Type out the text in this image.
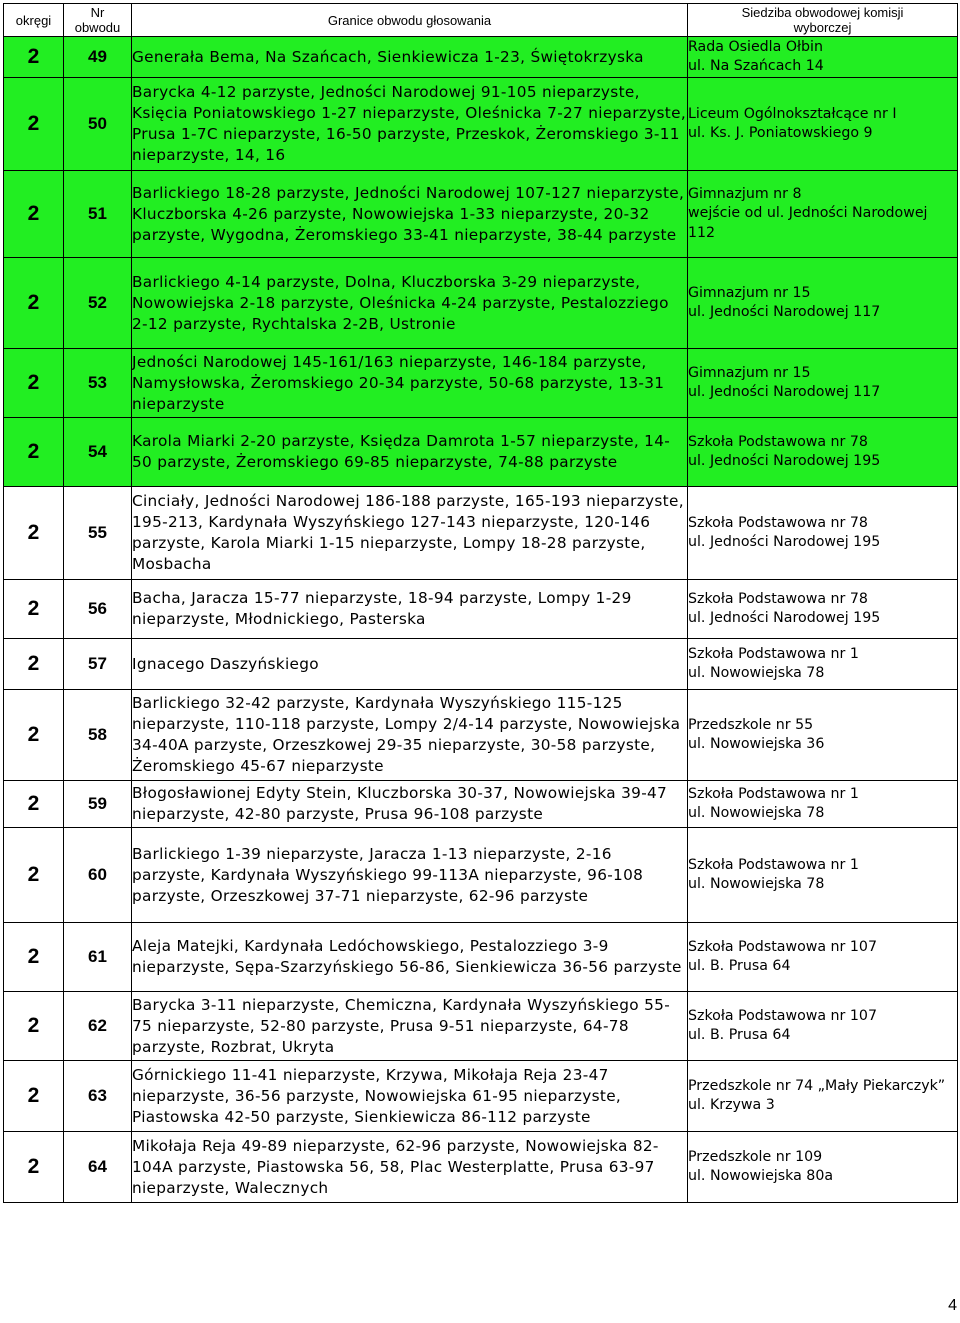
okręgi	Nr
obwodu	Granice obwodu głosowania	Siedziba obwodowej komisji
wyborczej
2	49	Generała Bema, Na Szańcach, Sienkiewicza 1-23, Świętokrzyska	Rada Osiedla Ołbin
ul. Na Szańcach 14
2	50	Barycka 4-12 parzyste, Jedności Narodowej 91-105 nieparzyste, Księcia Poniatowskiego 1-27 nieparzyste, Oleśnicka 7-27 nieparzyste, Prusa 1-7C nieparzyste, 16-50 parzyste, Przeskok, Żeromskiego 3-11 nieparzyste, 14, 16	Liceum Ogólnokształcące nr I
ul. Ks. J. Poniatowskiego 9
2	51	Barlickiego 18-28 parzyste, Jedności Narodowej 107-127 nieparzyste, Kluczborska 4-26 parzyste, Nowowiejska 1-33 nieparzyste, 20-32 parzyste, Wygodna, Żeromskiego 33-41 nieparzyste, 38-44 parzyste	Gimnazjum nr 8
wejście od ul. Jedności Narodowej 112
2	52	Barlickiego 4-14 parzyste, Dolna, Kluczborska 3-29 nieparzyste, Nowowiejska 2-18 parzyste, Oleśnicka 4-24 parzyste, Pestalozziego 2-12 parzyste, Rychtalska 2-2B, Ustronie	Gimnazjum nr 15
ul. Jedności Narodowej 117
2	53	Jedności Narodowej 145-161/163 nieparzyste, 146-184 parzyste, Namysłowska, Żeromskiego 20-34 parzyste, 50-68 parzyste, 13-31 nieparzyste	Gimnazjum nr 15
ul. Jedności Narodowej 117
2	54	Karola Miarki 2-20 parzyste, Księdza Damrota 1-57 nieparzyste, 14-50 parzyste, Żeromskiego 69-85 nieparzyste, 74-88 parzyste	Szkoła Podstawowa nr 78
ul. Jedności Narodowej 195
2	55	Cinciały, Jedności Narodowej 186-188 parzyste, 165-193 nieparzyste, 195-213, Kardynała Wyszyńskiego 127-143 nieparzyste, 120-146 parzyste, Karola Miarki 1-15 nieparzyste, Lompy 18-28 parzyste, Mosbacha	Szkoła Podstawowa nr 78
ul. Jedności Narodowej 195
2	56	Bacha, Jaracza 15-77 nieparzyste, 18-94 parzyste, Lompy 1-29 nieparzyste, Młodnickiego, Pasterska	Szkoła Podstawowa nr 78
ul. Jedności Narodowej 195
2	57	Ignacego Daszyńskiego	Szkoła Podstawowa nr 1
ul. Nowowiejska 78
2	58	Barlickiego 32-42 parzyste, Kardynała Wyszyńskiego 115-125 nieparzyste, 110-118 parzyste, Lompy 2/4-14 parzyste, Nowowiejska 34-40A parzyste, Orzeszkowej 29-35 nieparzyste, 30-58 parzyste, Żeromskiego 45-67 nieparzyste	Przedszkole nr 55
ul. Nowowiejska 36
2	59	Błogosławionej Edyty Stein, Kluczborska 30-37, Nowowiejska 39-47 nieparzyste, 42-80 parzyste, Prusa 96-108 parzyste	Szkoła Podstawowa nr 1
ul. Nowowiejska 78
2	60	Barlickiego 1-39 nieparzyste, Jaracza 1-13 nieparzyste, 2-16 parzyste, Kardynała Wyszyńskiego 99-113A nieparzyste, 96-108 parzyste, Orzeszkowej 37-71 nieparzyste, 62-96 parzyste	Szkoła Podstawowa nr 1
ul. Nowowiejska 78
2	61	Aleja Matejki, Kardynała Ledóchowskiego, Pestalozziego 3-9 nieparzyste, Sępa-Szarzyńskiego 56-86, Sienkiewicza 36-56 parzyste	Szkoła Podstawowa nr 107
ul. B. Prusa 64
2	62	Barycka 3-11 nieparzyste, Chemiczna, Kardynała Wyszyńskiego 55-75 nieparzyste, 52-80 parzyste, Prusa 9-51 nieparzyste, 64-78 parzyste, Rozbrat, Ukryta	Szkoła Podstawowa nr 107
ul. B. Prusa 64
2	63	Górnickiego 11-41 nieparzyste, Krzywa, Mikołaja Reja 23-47 nieparzyste, 36-56 parzyste, Nowowiejska 61-95 nieparzyste, Piastowska 42-50 parzyste, Sienkiewicza 86-112 parzyste	Przedszkole nr 74 „Mały Piekarczyk”
ul. Krzywa 3
2	64	Mikołaja Reja 49-89 nieparzyste, 62-96 parzyste, Nowowiejska 82-104A parzyste, Piastowska 56, 58, Plac Westerplatte, Prusa 63-97 nieparzyste, Walecznych	Przedszkole nr 109
ul. Nowowiejska 80a
4
